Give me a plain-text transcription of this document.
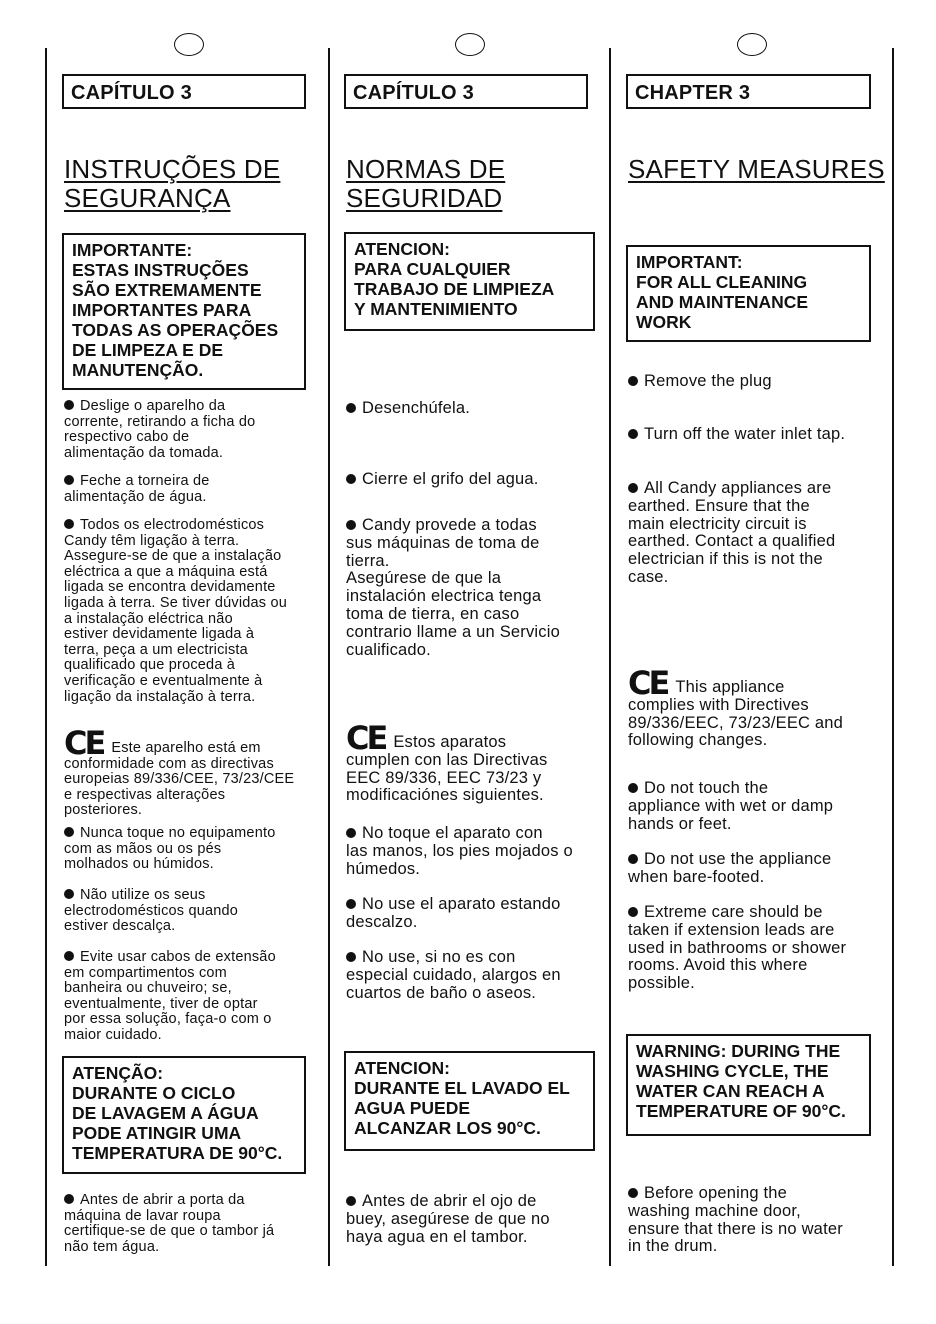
CAPÍTULO 3
INSTRUÇÕES DE
SEGURANÇA
IMPORTANTE:
ESTAS INSTRUÇÕES
SÃO EXTREMAMENTE
IMPORTANTES PARA
TODAS AS OPERAÇÕES
DE LIMPEZA E DE
MANUTENÇÃO.
Deslige o aparelho da
corrente, retirando a ficha do
respectivo cabo de
alimentação da tomada.
Feche a torneira de
alimentação de água.
Todos os electrodomésticos
Candy têm ligação à terra.
Assegure-se de que a instalação
eléctrica a que a máquina está
ligada se encontra devidamente
ligada à terra. Se tiver dúvidas ou
a instalação eléctrica não
estiver devidamente ligada à
terra, peça a um electricista
qualificado que proceda à
verificação e eventualmente à
ligação da instalação à terra.
CE Este aparelho está em
conformidade com as directivas
europeias 89/336/CEE, 73/23/CEE
e respectivas alterações
posteriores.
Nunca toque no equipamento
com as mãos ou os pés
molhados ou húmidos.
Não utilize os seus
electrodomésticos quando
estiver descalça.
Evite usar cabos de extensão
em compartimentos com
banheira ou chuveiro; se,
eventualmente, tiver de optar
por essa solução, faça-o com o
maior cuidado.
ATENÇÃO:
DURANTE O CICLO
DE LAVAGEM A ÁGUA
PODE ATINGIR UMA
TEMPERATURA DE 90°C.
Antes de abrir a porta da
máquina de lavar roupa
certifique-se de que o tambor já
não tem água.
CAPÍTULO 3
NORMAS DE
SEGURIDAD
ATENCION:
PARA CUALQUIER
TRABAJO DE LIMPIEZA
Y MANTENIMIENTO
Desenchúfela.
Cierre el grifo del agua.
Candy provede a todas
sus máquinas de toma de
tierra.
Asegúrese de que la
instalación electrica tenga
toma de tierra, en caso
contrario llame a un Servicio
cualificado.
CE Estos aparatos
cumplen con las Directivas
EEC 89/336, EEC 73/23 y
modificaciónes siguientes.
No toque el aparato con
las manos, los pies mojados o
húmedos.
No use el aparato estando
descalzo.
No use, si no es con
especial cuidado, alargos en
cuartos de baño o aseos.
ATENCION:
DURANTE EL LAVADO EL
AGUA PUEDE
ALCANZAR LOS 90°C.
Antes de abrir el ojo de
buey, asegúrese de que no
haya agua en el tambor.
CHAPTER 3
SAFETY MEASURES
IMPORTANT:
FOR ALL CLEANING
AND MAINTENANCE
WORK
Remove the plug
Turn off the water inlet tap.
All Candy appliances are
earthed. Ensure that the
main electricity circuit is
earthed. Contact a qualified
electrician if this is not the
case.
CE This appliance
complies with Directives
89/336/EEC, 73/23/EEC and
following changes.
Do not touch the
appliance with wet or damp
hands or feet.
Do not use the appliance
when bare-footed.
Extreme care should be
taken if extension leads are
used in bathrooms or shower
rooms. Avoid this where
possible.
WARNING: DURING THE
WASHING CYCLE, THE
WATER CAN REACH A
TEMPERATURE OF 90°C.
Before opening the
washing machine door,
ensure that there is no water
in the drum.
